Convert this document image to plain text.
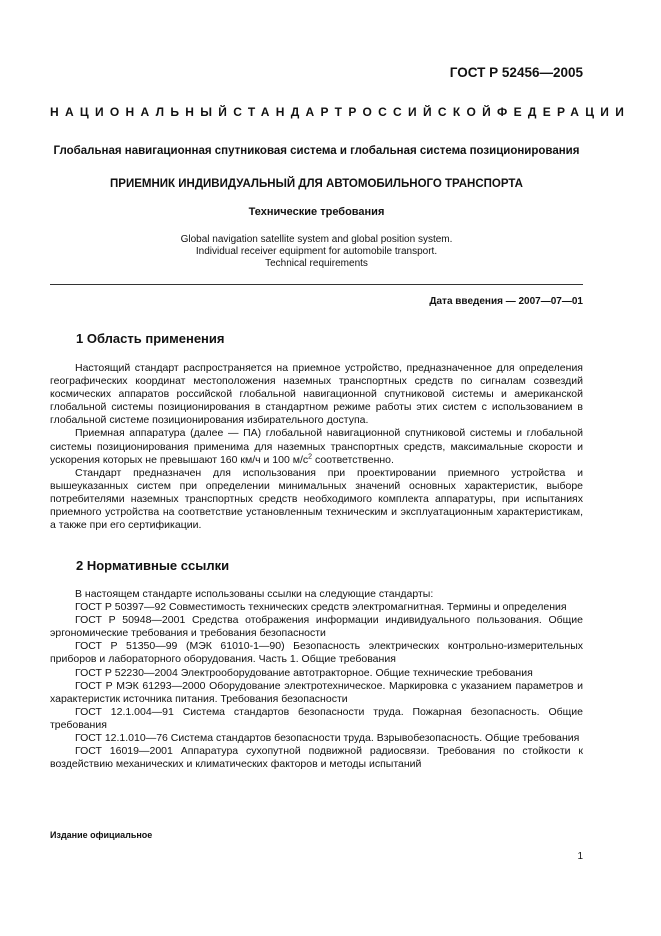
ГОСТ Р 52456—2005
НАЦИОНАЛЬНЫЙ СТАНДАРТ РОССИЙСКОЙ ФЕДЕРАЦИИ
Глобальная навигационная спутниковая система и глобальная система позиционирования
ПРИЕМНИК ИНДИВИДУАЛЬНЫЙ ДЛЯ АВТОМОБИЛЬНОГО ТРАНСПОРТА
Технические требования
Global navigation satellite system and global position system.
Individual receiver equipment for automobile transport.
Technical requirements
Дата введения — 2007—07—01
1 Область применения

Настоящий стандарт распространяется на приемное устройство, предназначенное для определения географических координат местоположения наземных транспортных средств по сигналам созвездий космических аппаратов российской глобальной навигационной спутниковой системы и американской глобальной системы позиционирования в стандартном режиме работы этих систем с использованием в глобальной системе позиционирования избирательного доступа.

Приемная аппаратура (далее — ПА) глобальной навигационной спутниковой системы и глобальной системы позиционирования применима для наземных транспортных средств, максимальные скорости и ускорения которых не превышают 160 км/ч и 100 $м/с^2$ соответственно.

Стандарт предназначен для использования при проектировании приемного устройства и вышеуказанных систем при определении минимальных значений основных характеристик, выборе потребителями наземных транспортных средств необходимого комплекта аппаратуры, при испытаниях приемного устройства на соответствие установленным техническим и эксплуатационным характеристикам, а также при его сертификации.

2 Нормативные ссылки

В настоящем стандарте использованы ссылки на следующие стандарты:

ГОСТ Р 50397—92 Совместимость технических средств электромагнитная. Термины и определения

ГОСТ Р 50948—2001 Средства отображения информации индивидуального пользования. Общие эргономические требования и требования безопасности

ГОСТ Р 51350—99 (МЭК 61010-1—90) Безопасность электрических контрольно-измерительных приборов и лабораторного оборудования. Часть 1. Общие требования

ГОСТ Р 52230—2004 Электрооборудование автотракторное. Общие технические требования

ГОСТ Р МЭК 61293—2000 Оборудование электротехническое. Маркировка с указанием параметров и характеристик источника питания. Требования безопасности

ГОСТ 12.1.004—91 Система стандартов безопасности труда. Пожарная безопасность. Общие требования

ГОСТ 12.1.010—76 Система стандартов безопасности труда. Взрывобезопасность. Общие требования

ГОСТ 16019—2001 Аппаратура сухопутной подвижной радиосвязи. Требования по стойкости к воздействию механических и климатических факторов и методы испытаний

Издание официальное
1
